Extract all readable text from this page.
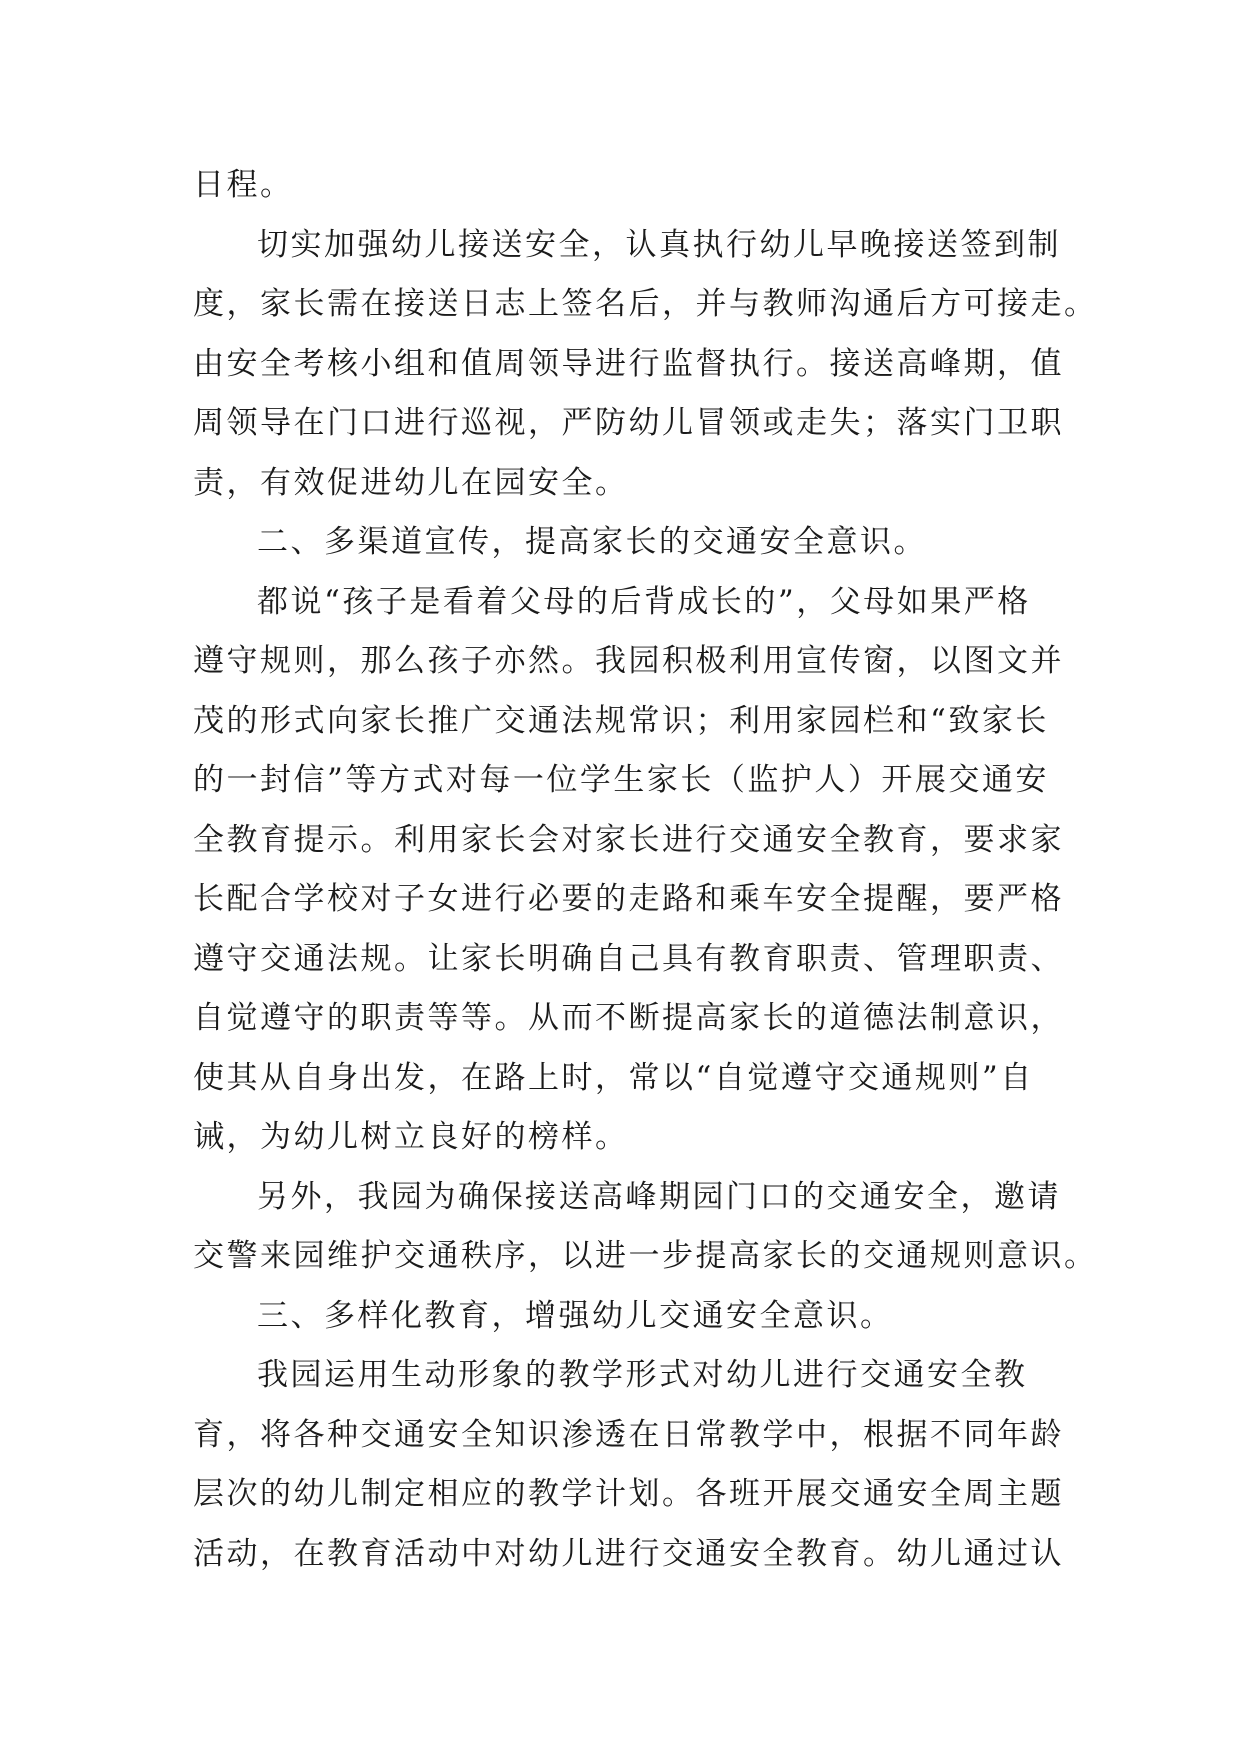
日程。
切实加强幼儿接送安全，认真执行幼儿早晚接送签到制
度，家长需在接送日志上签名后，并与教师沟通后方可接走。
由安全考核小组和值周领导进行监督执行。接送高峰期，值
周领导在门口进行巡视，严防幼儿冒领或走失；落实门卫职
责，有效促进幼儿在园安全。
二、多渠道宣传，提高家长的交通安全意识。
都说“孩子是看着父母的后背成长的”，父母如果严格
遵守规则，那么孩子亦然。我园积极利用宣传窗，以图文并
茂的形式向家长推广交通法规常识；利用家园栏和“致家长
的一封信”等方式对每一位学生家长（监护人）开展交通安
全教育提示。利用家长会对家长进行交通安全教育，要求家
长配合学校对子女进行必要的走路和乘车安全提醒，要严格
遵守交通法规。让家长明确自己具有教育职责、管理职责、
自觉遵守的职责等等。从而不断提高家长的道德法制意识，
使其从自身出发，在路上时，常以“自觉遵守交通规则”自
诫，为幼儿树立良好的榜样。
另外，我园为确保接送高峰期园门口的交通安全，邀请
交警来园维护交通秩序，以进一步提高家长的交通规则意识。
三、多样化教育，增强幼儿交通安全意识。
我园运用生动形象的教学形式对幼儿进行交通安全教
育，将各种交通安全知识渗透在日常教学中，根据不同年龄
层次的幼儿制定相应的教学计划。各班开展交通安全周主题
活动，在教育活动中对幼儿进行交通安全教育。幼儿通过认
